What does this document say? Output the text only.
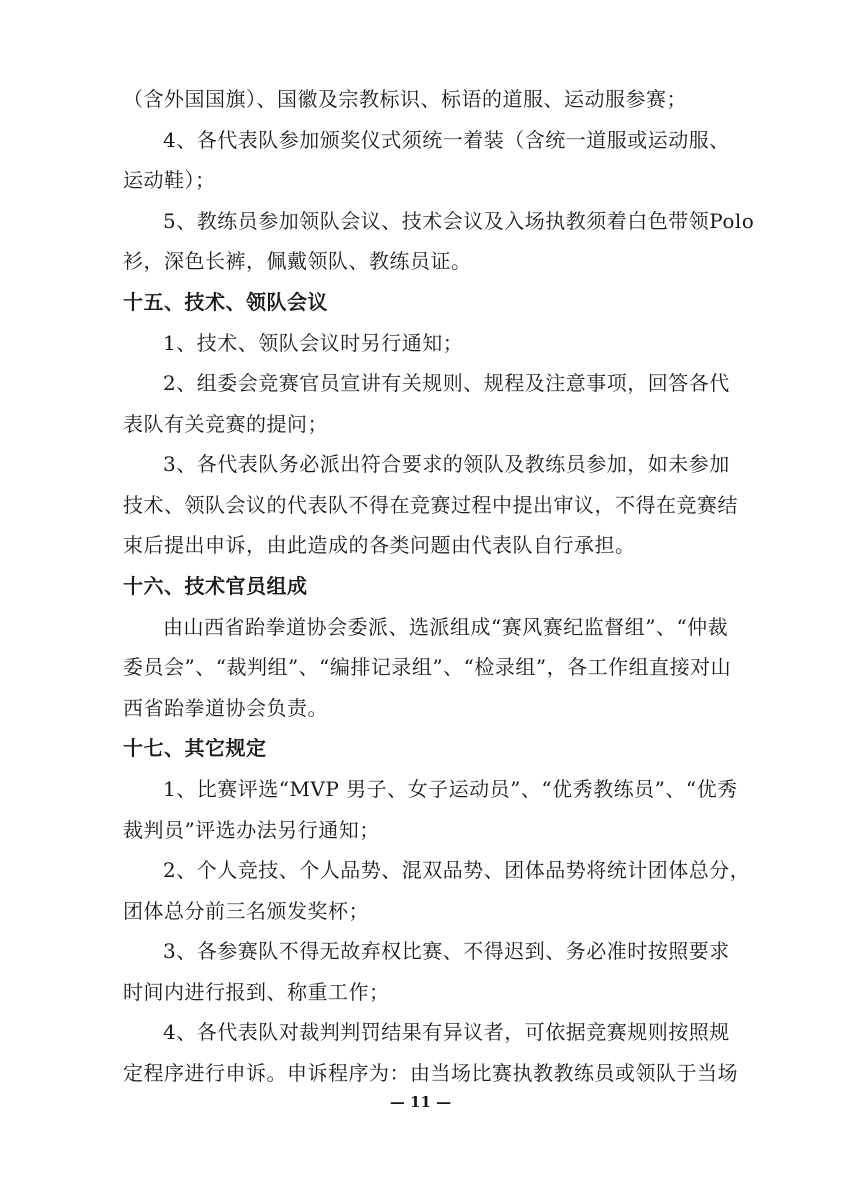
（含外国国旗）、国徽及宗教标识、标语的道服、运动服参赛；
4、各代表队参加颁奖仪式须统一着装（含统一道服或运动服、
运动鞋）；
5、教练员参加领队会议、技术会议及入场执教须着白色带领Polo
衫，深色长裤，佩戴领队、教练员证。
十五、技术、领队会议
1、技术、领队会议时另行通知；
2、组委会竞赛官员宣讲有关规则、规程及注意事项，回答各代
表队有关竞赛的提问；
3、各代表队务必派出符合要求的领队及教练员参加，如未参加
技术、领队会议的代表队不得在竞赛过程中提出审议，不得在竞赛结
束后提出申诉，由此造成的各类问题由代表队自行承担。
十六、技术官员组成
由山西省跆拳道协会委派、选派组成“赛风赛纪监督组”、“仲裁
委员会”、“裁判组”、“编排记录组”、“检录组”，各工作组直接对山
西省跆拳道协会负责。
十七、其它规定
1、比赛评选“MVP 男子、女子运动员”、“优秀教练员”、“优秀
裁判员”评选办法另行通知；
2、个人竞技、个人品势、混双品势、团体品势将统计团体总分，
团体总分前三名颁发奖杯；
3、各参赛队不得无故弃权比赛、不得迟到、务必准时按照要求
时间内进行报到、称重工作；
4、各代表队对裁判判罚结果有异议者，可依据竞赛规则按照规
定程序进行申诉。申诉程序为：由当场比赛执教教练员或领队于当场
— 11 —
